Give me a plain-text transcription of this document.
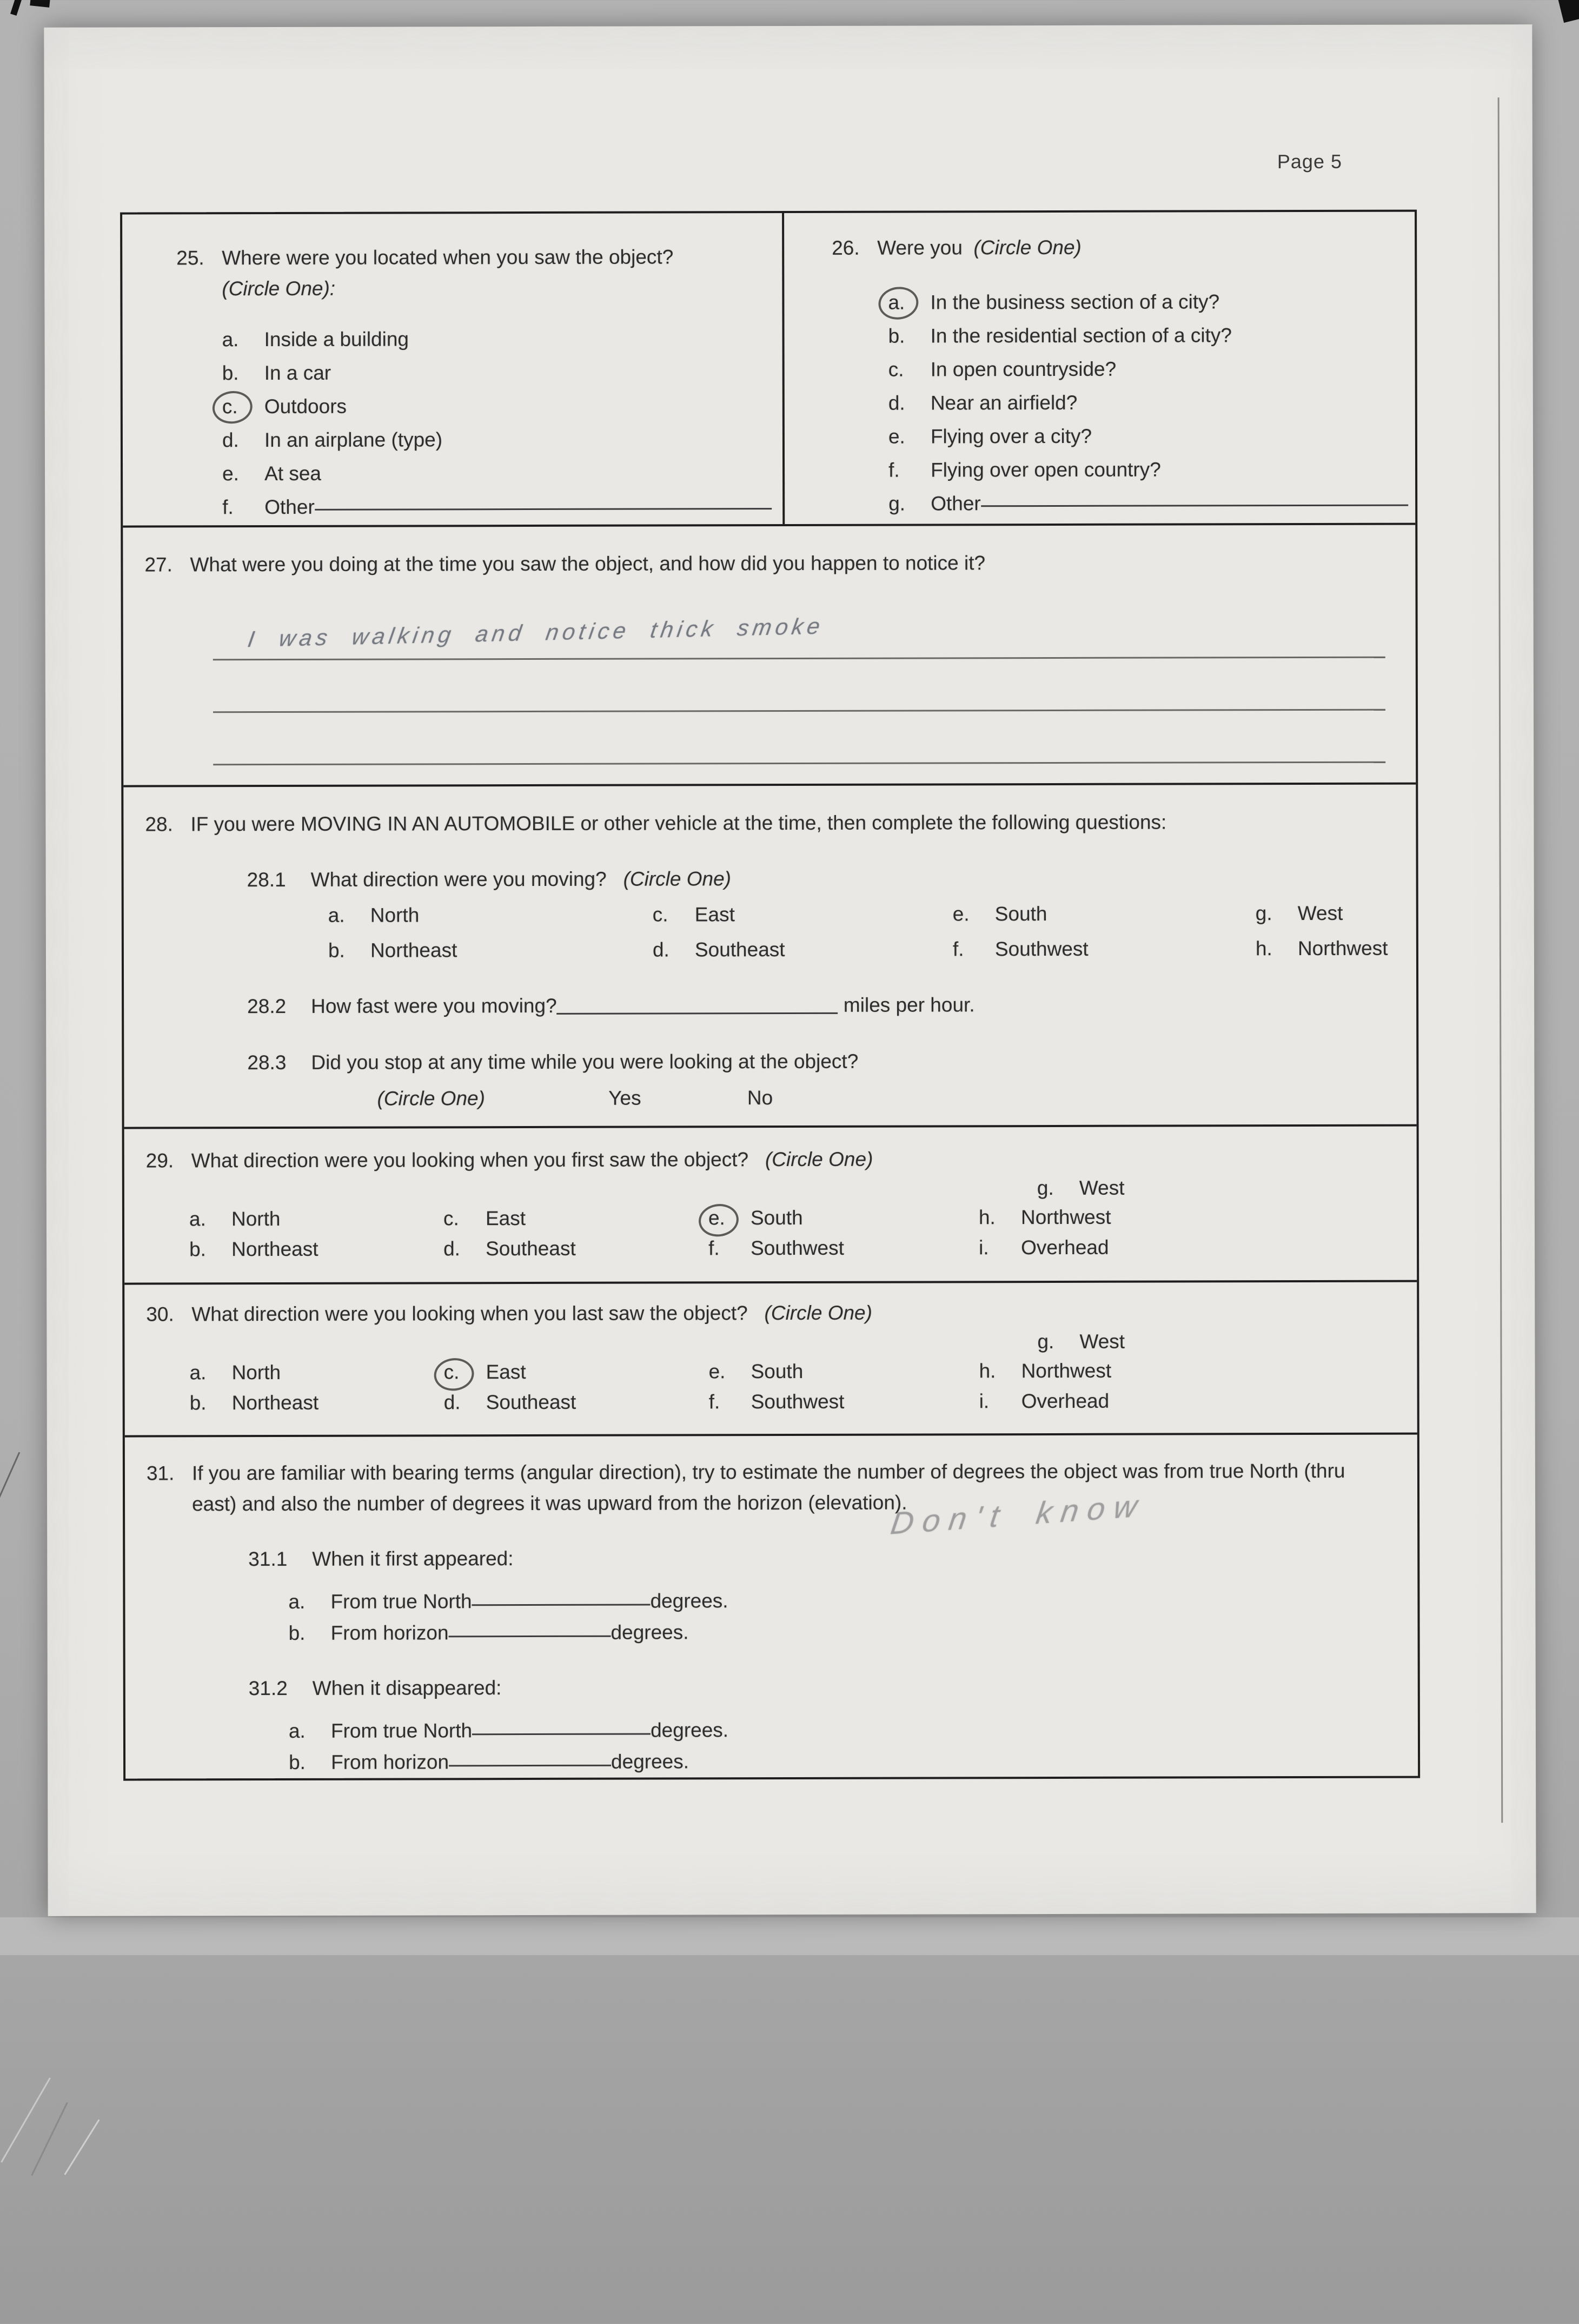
Page 5
25. Where were you located when you saw the object?
(Circle One):
a.	Inside a building
b.	In a car
c.	Outdoors
d.	In an airplane (type)
e.	At sea
f.	Other
26. Were you (Circle One)
a.	In the business section of a city?
b.	In the residential section of a city?
c.	In open countryside?
d.	Near an airfield?
e.	Flying over a city?
f.	Flying over open country?
g.	Other
27. What were you doing at the time you saw the object, and how did you happen to notice it?
I was walking and notice thick smoke
28. IF you were MOVING IN AN AUTOMOBILE or other vehicle at the time, then complete the following questions:
28.1	What direction were you moving? (Circle One)
a.	North	c.	East	e.	South	g.	West
b.	Northeast	d.	Southeast	f.	Southwest	h.	Northwest
28.2	How fast were you moving?	miles per hour.
28.3	Did you stop at any time while you were looking at the object?
(Circle One)	Yes	No
29. What direction were you looking when you first saw the object? (Circle One)
g.	West
a.	North	c.	East	e.	South	h.	Northwest
b.	Northeast	d.	Southeast	f.	Southwest	i.	Overhead
30. What direction were you looking when you last saw the object? (Circle One)
g.	West
a.	North	c.	East	e.	South	h.	Northwest
b.	Northeast	d.	Southeast	f.	Southwest	i.	Overhead
31. If you are familiar with bearing terms (angular direction), try to estimate the number of degrees the object was from true North (thru east) and also the number of degrees it was upward from the horizon (elevation).
Don't know
31.1	When it first appeared:
a.	From true North	degrees.
b.	From horizon	degrees.
31.2	When it disappeared:
a.	From true North	degrees.
b.	From horizon	degrees.
